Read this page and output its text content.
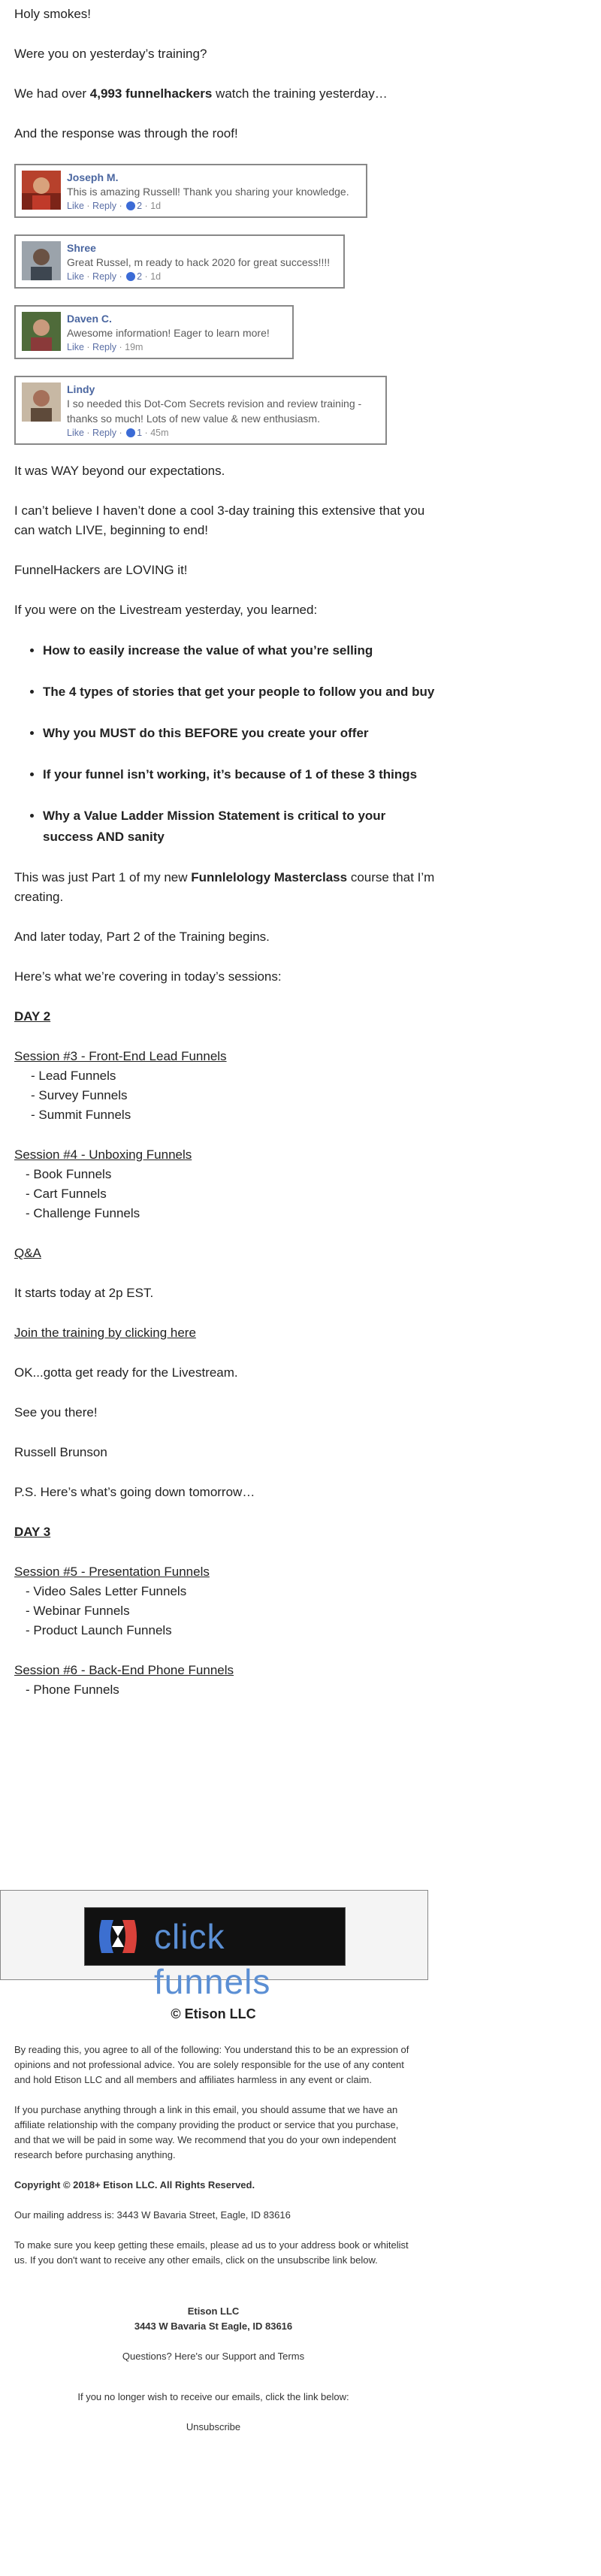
Holy smokes!

Were you on yesterday’s training?

We had over 4,993 funnelhackers watch the training yesterday…

And the response was through the roof!

Joseph M.
This is amazing Russell! Thank you sharing your knowledge.
Like · Reply · 2 · 1d
Shree
Great Russel, m ready to hack 2020 for great success!!!!
Like · Reply · 2 · 1d
Daven C.
Awesome information! Eager to learn more!
Like · Reply · 19m
Lindy
I so needed this Dot-Com Secrets revision and review training - thanks so much! Lots of new value & new enthusiasm.
Like · Reply · 1 · 45m

It was WAY beyond our expectations.

I can’t believe I haven’t done a cool 3-day training this extensive that you can watch LIVE, beginning to end!

FunnelHackers are LOVING it!

If you were on the Livestream yesterday, you learned:

• How to easily increase the value of what you’re selling
• The 4 types of stories that get your people to follow you and buy
• Why you MUST do this BEFORE you create your offer
• If your funnel isn’t working, it’s because of 1 of these 3 things
• Why a Value Ladder Mission Statement is critical to your success AND sanity

This was just Part 1 of my new Funnlelology Masterclass course that I’m creating.

And later today, Part 2 of the Training begins.

Here’s what we’re covering in today’s sessions:

DAY 2

Session #3 - Front-End Lead Funnels

- Lead Funnels

- Survey Funnels

- Summit Funnels

Session #4 - Unboxing Funnels

- Book Funnels

- Cart Funnels

- Challenge Funnels

Q&A

It starts today at 2p EST.

Join the training by clicking here

OK...gotta get ready for the Livestream.

See you there!

Russell Brunson

P.S. Here’s what’s going down tomorrow…

DAY 3

Session #5 - Presentation Funnels

- Video Sales Letter Funnels

- Webinar Funnels

- Product Launch Funnels

Session #6 - Back-End Phone Funnels

- Phone Funnels

click funnels

© Etison LLC

By reading this, you agree to all of the following: You understand this to be an expression of opinions and not professional advice. You are solely responsible for the use of any content and hold Etison LLC and all members and affiliates harmless in any event or claim.

If you purchase anything through a link in this email, you should assume that we have an affiliate relationship with the company providing the product or service that you purchase, and that we will be paid in some way. We recommend that you do your own independent research before purchasing anything.

Copyright © 2018+ Etison LLC. All Rights Reserved.

Our mailing address is: 3443 W Bavaria Street, Eagle, ID 83616

To make sure you keep getting these emails, please ad us to your address book or whitelist us. If you don't want to receive any other emails, click on the unsubscribe link below.

Etison LLC

3443 W Bavaria St Eagle, ID 83616

Questions? Here's our Support and Terms

If you no longer wish to receive our emails, click the link below:

Unsubscribe
